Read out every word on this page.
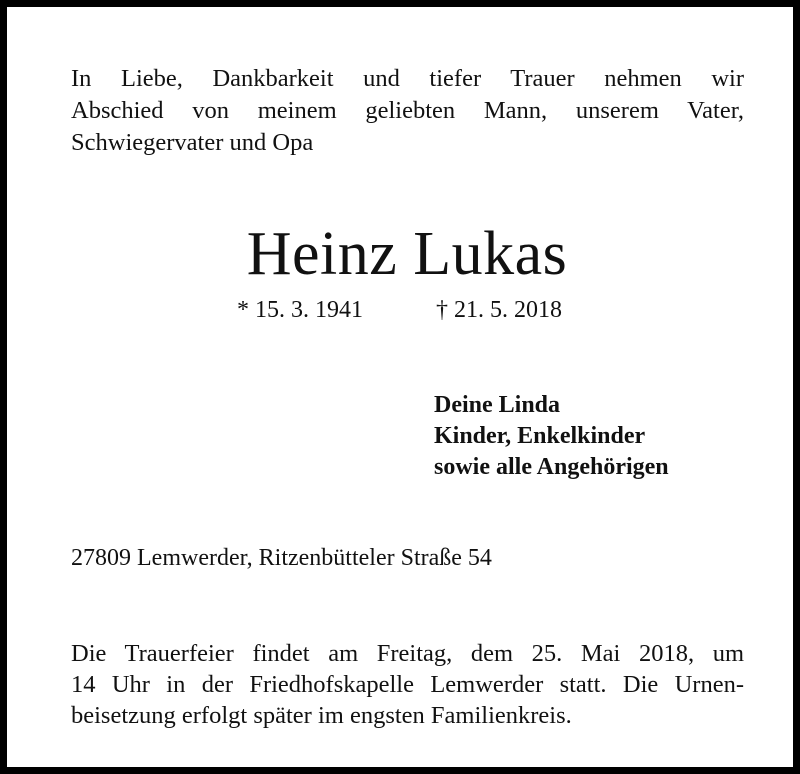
In Liebe, Dankbarkeit und tiefer Trauer nehmen wir
Abschied von meinem geliebten Mann, unserem Vater,
Schwiegervater und Opa
Heinz Lukas
* 15. 3. 1941	† 21. 5. 2018
Deine Linda
Kinder, Enkelkinder
sowie alle Angehörigen
27809 Lemwerder, Ritzenbütteler Straße 54
Die Trauerfeier findet am Freitag, dem 25. Mai 2018, um
14 Uhr in der Friedhofskapelle Lemwerder statt. Die Urnen-
beisetzung erfolgt später im engsten Familienkreis.
